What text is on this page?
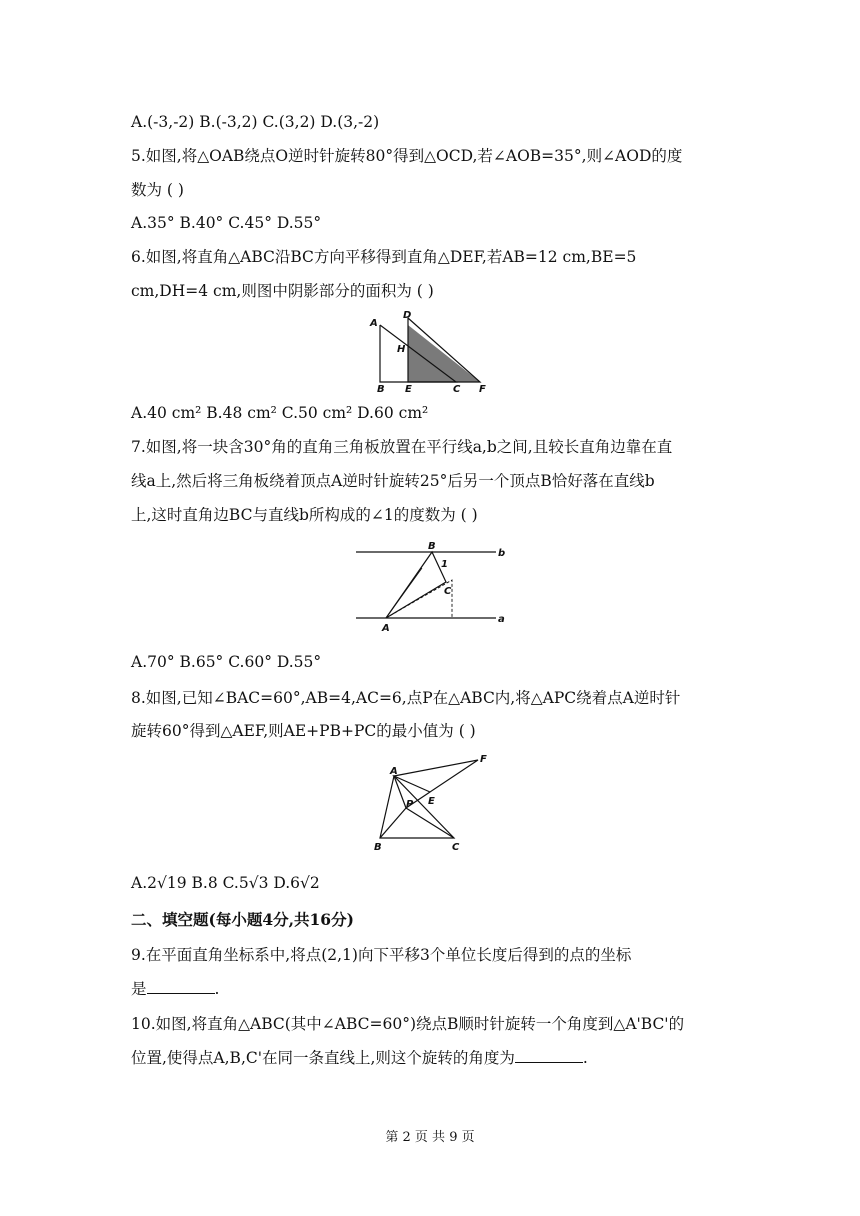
A.(-3,-2) B.(-3,2) C.(3,2) D.(3,-2)
5.如图,将△OAB绕点O逆时针旋转80°得到△OCD,若∠AOB=35°,则∠AOD的度
数为 ( )
A.35° B.40° C.45° D.55°
6.如图,将直角△ABC沿BC方向平移得到直角△DEF,若AB=12 cm,BE=5
cm,DH=4 cm,则图中阴影部分的面积为 ( )
A
D
H
B E	C F
A.40 cm² B.48 cm² C.50 cm² D.60 cm²
7.如图,将一块含30°角的直角三角板放置在平行线a,b之间,且较长直角边靠在直
线a上,然后将三角板绕着顶点A逆时针旋转25°后另一个顶点B恰好落在直线b
上,这时直角边BC与直线b所构成的∠1的度数为 ( )
B
1
C
A
a
b
A.70° B.65° C.60° D.55°
8.如图,已知∠BAC=60°,AB=4,AC=6,点P在△ABC内,将△APC绕着点A逆时针
旋转60°得到△AEF,则AE+PB+PC的最小值为 ( )
A
F
E
P
B	C
A.2√19 B.8 C.5√3 D.6√2
二、填空题(每小题4分,共16分)
9.在平面直角坐标系中,将点(2,1)向下平移3个单位长度后得到的点的坐标
是	.
10.如图,将直角△ABC(其中∠ABC=60°)绕点B顺时针旋转一个角度到△A'BC'的
位置,使得点A,B,C'在同一条直线上,则这个旋转的角度为	.
第 2 页 共 9 页
